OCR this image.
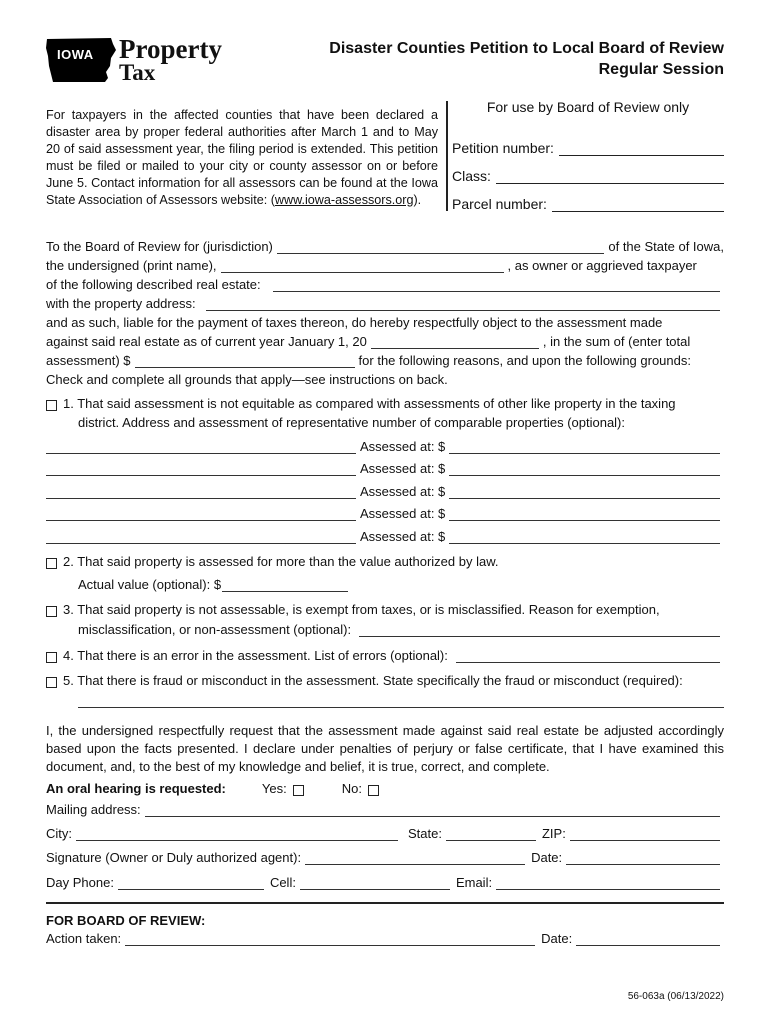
IOWA Property
Tax
Disaster Counties Petition to Local Board of Review
Regular Session
For taxpayers in the affected counties that have been declared a disaster area by proper federal authorities after March 1 and to May 20 of said assessment year, the filing period is extended. This petition must be filed or mailed to your city or county assessor on or before June 5. Contact information for all assessors can be found at the Iowa State Association of Assessors website: (www.iowa-assessors.org).
For use by Board of Review only
Petition number:
Class:
Parcel number:
To the Board of Review for (jurisdiction)	of the State of Iowa,
the undersigned (print name),	, as owner or aggrieved taxpayer
of the following described real estate:
with the property address:
and as such, liable for the payment of taxes thereon, do hereby respectfully object to the assessment made
against said real estate as of current year January 1, 20	, in the sum of (enter total
assessment) $	for the following reasons, and upon the following grounds:
Check and complete all grounds that apply—see instructions on back.
1. That said assessment is not equitable as compared with assessments of other like property in the taxing
district. Address and assessment of representative number of comparable properties (optional):
Assessed at: $
Assessed at: $
Assessed at: $
Assessed at: $
Assessed at: $
2. That said property is assessed for more than the value authorized by law.
Actual value (optional): $
3. That said property is not assessable, is exempt from taxes, or is misclassified. Reason for exemption,
misclassification, or non-assessment (optional):
4. That there is an error in the assessment. List of errors (optional):
5. That there is fraud or misconduct in the assessment. State specifically the fraud or misconduct (required):
I, the undersigned respectfully request that the assessment made against said real estate be adjusted accordingly based upon the facts presented. I declare under penalties of perjury or false certificate, that I have examined this document, and, to the best of my knowledge and belief, it is true, correct, and complete.
An oral hearing is requested:	Yes:	No:
Mailing address:
City:	State:	ZIP:
Signature (Owner or Duly authorized agent):	Date:
Day Phone:	Cell:	Email:
FOR BOARD OF REVIEW:
Action taken:	Date:
56-063a (06/13/2022)
